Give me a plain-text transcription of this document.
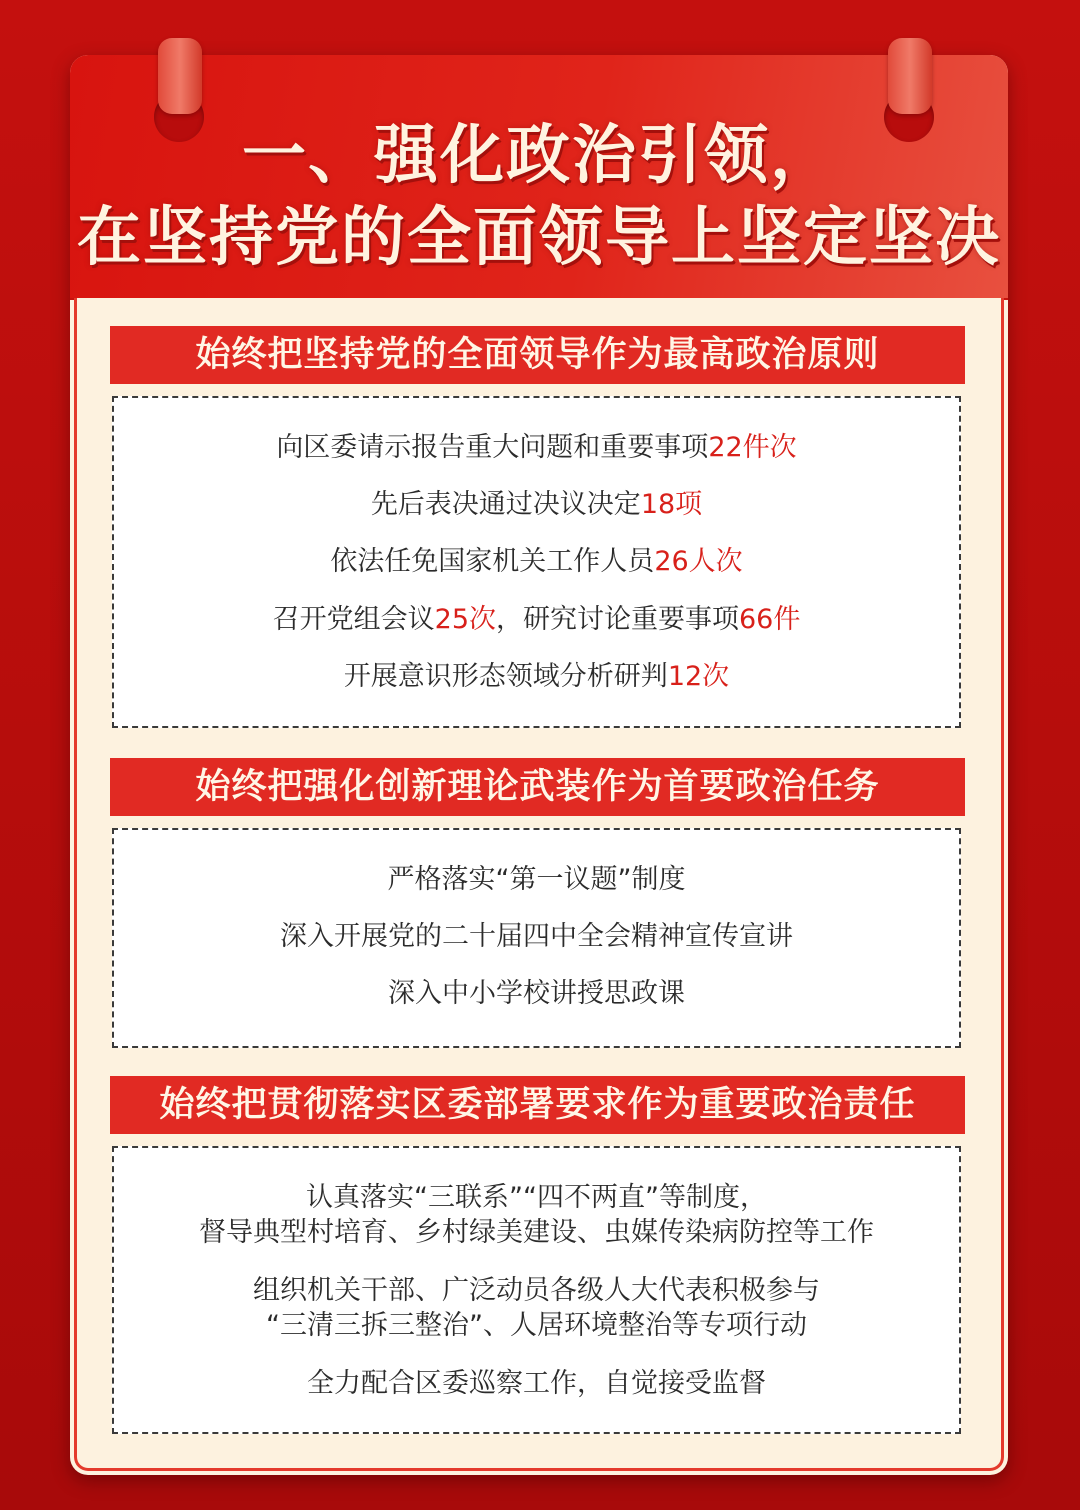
一、强化政治引领，
在坚持党的全面领导上坚定坚决
始终把坚持党的全面领导作为最高政治原则
向区委请示报告重大问题和重要事项22件次
先后表决通过决议决定18项
依法任免国家机关工作人员26人次
召开党组会议25次，研究讨论重要事项66件
开展意识形态领域分析研判12次
始终把强化创新理论武装作为首要政治任务
严格落实“第一议题”制度
深入开展党的二十届四中全会精神宣传宣讲
深入中小学校讲授思政课
始终把贯彻落实区委部署要求作为重要政治责任
认真落实“三联系”“四不两直”等制度，
督导典型村培育、乡村绿美建设、虫媒传染病防控等工作
组织机关干部、广泛动员各级人大代表积极参与
“三清三拆三整治”、人居环境整治等专项行动
全力配合区委巡察工作，自觉接受监督
